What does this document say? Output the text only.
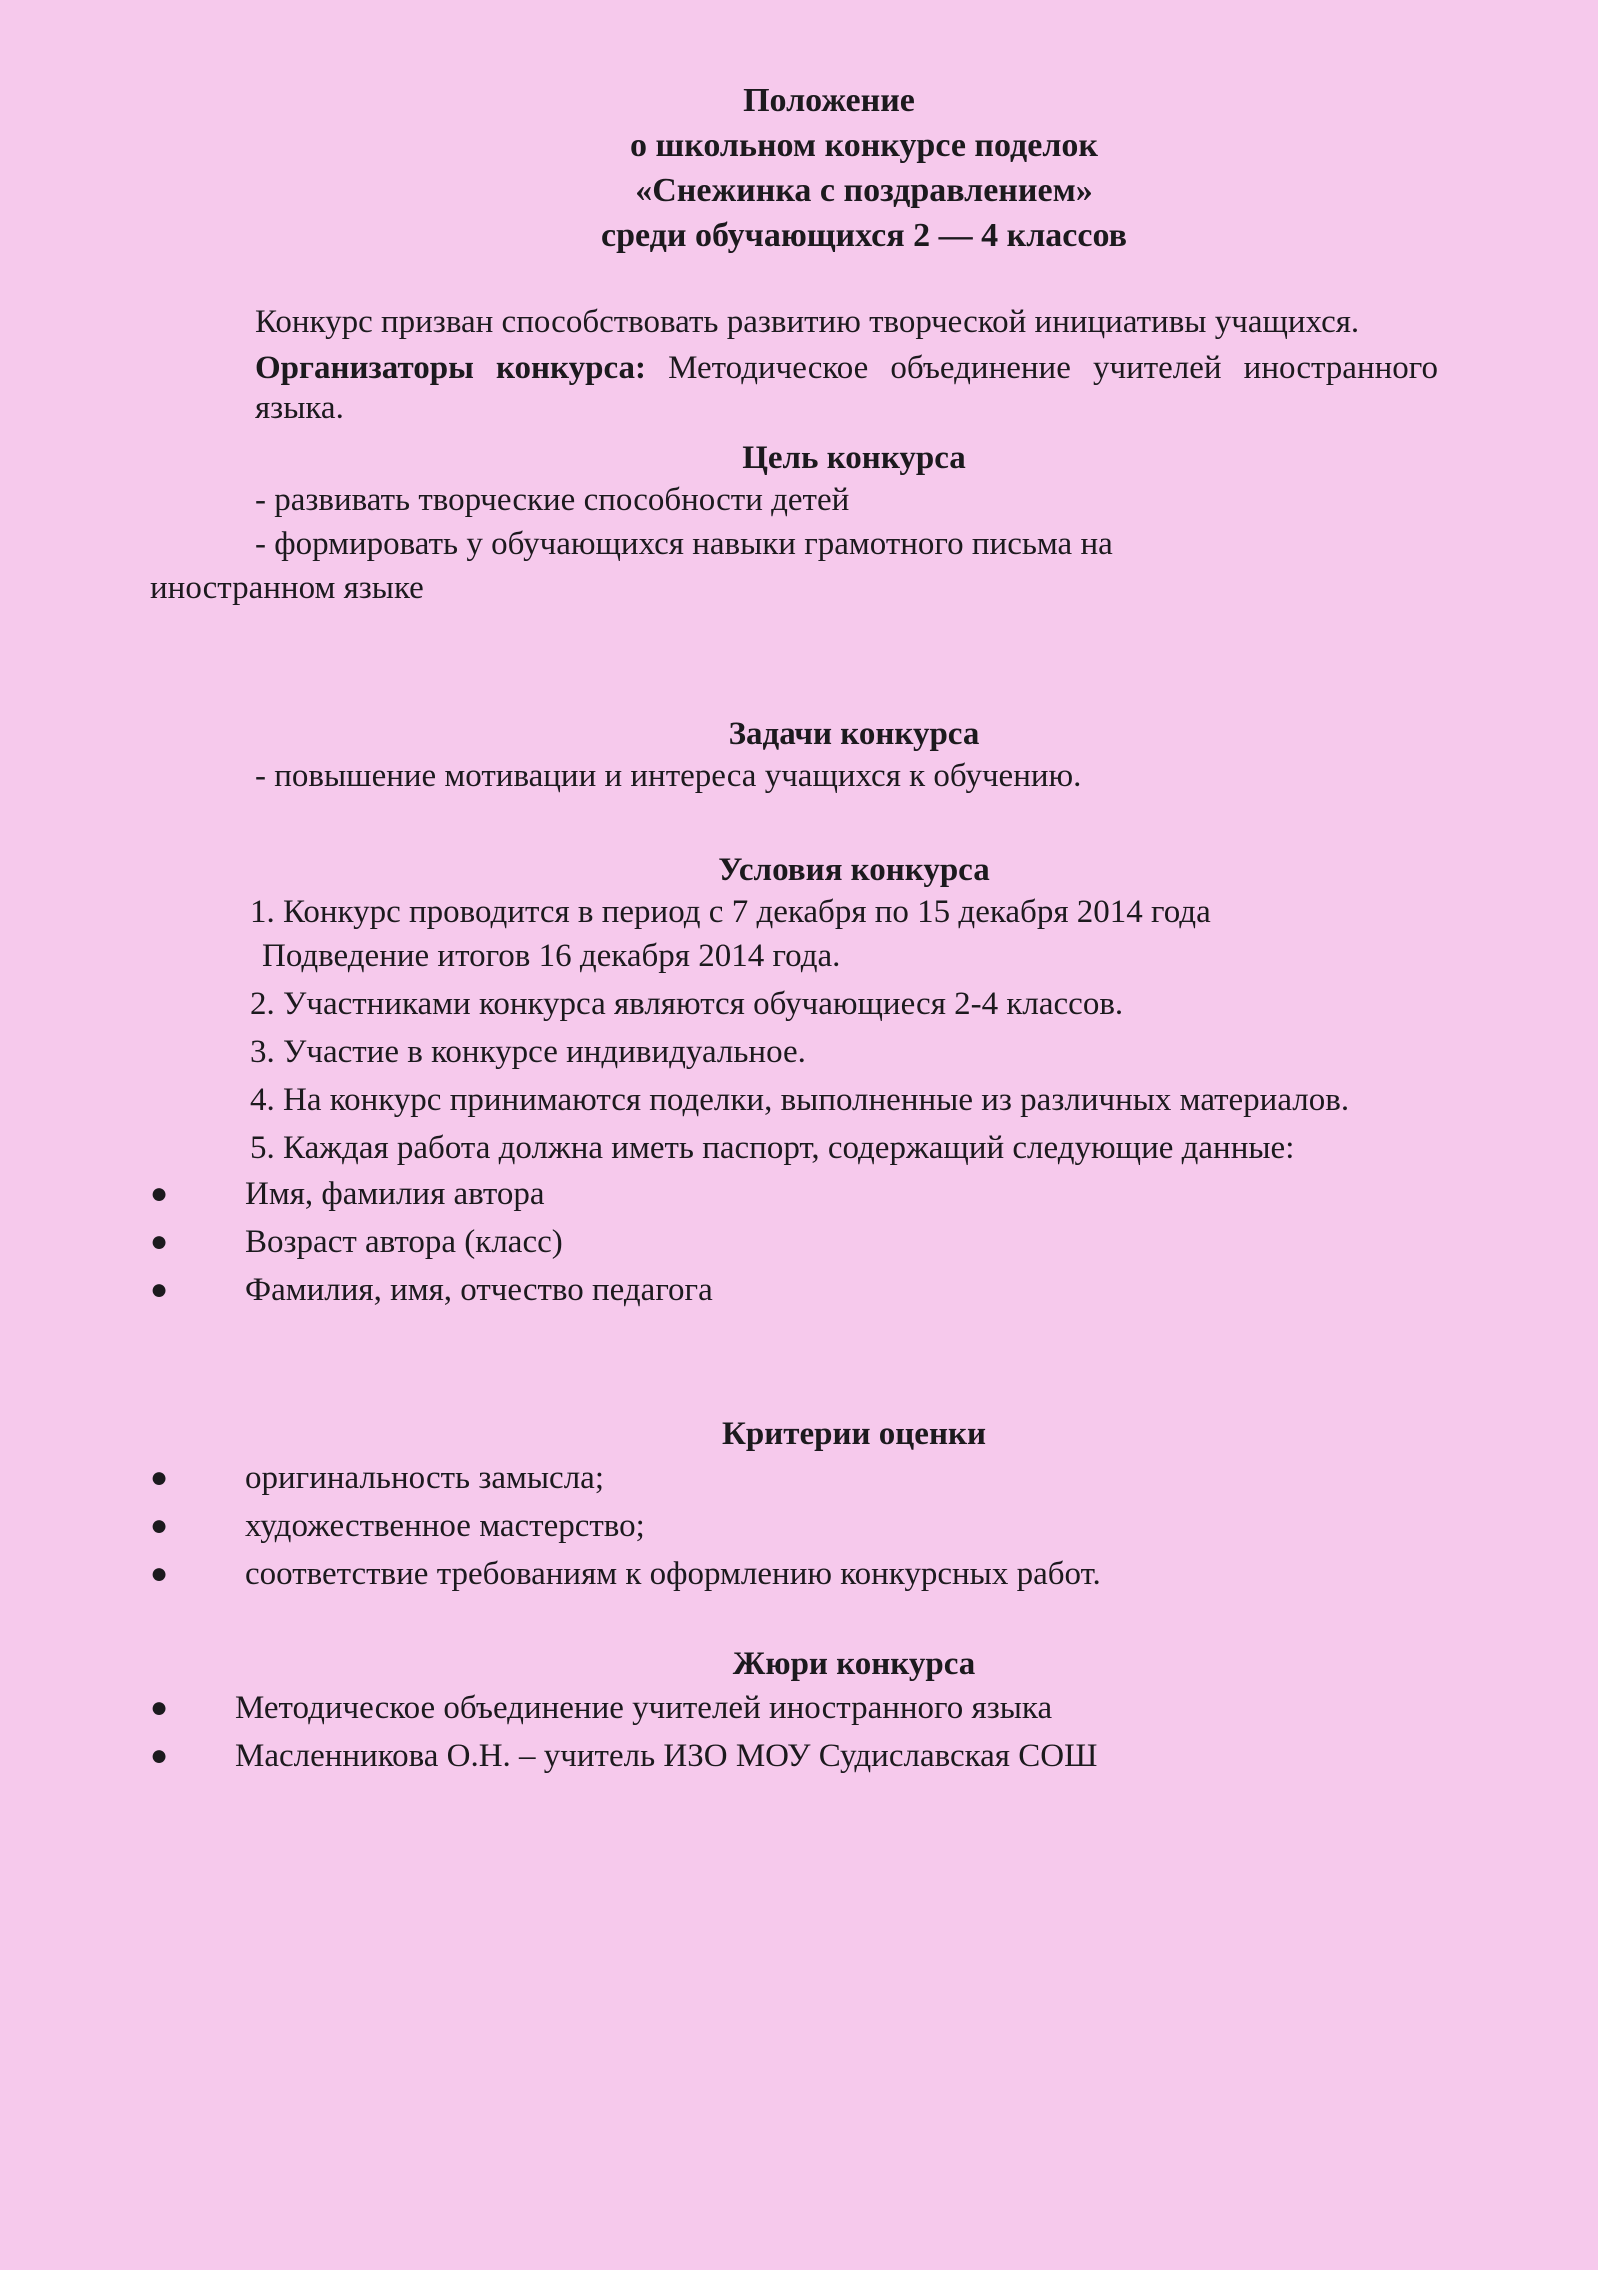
Положение
о школьном конкурсе поделок
«Снежинка с поздравлением»
среди обучающихся 2 — 4 классов

Конкурс призван способствовать развитию творческой инициативы учащихся.

Организаторы конкурса: Методическое объединение учителей иностранного языка.

Цель конкурса

- развивать творческие способности детей

- формировать у обучающихся навыки грамотного письма на

иностранном языке

Задачи конкурса

- повышение мотивации и интереса учащихся к обучению.

Условия конкурса

1. Конкурс проводится в период с 7 декабря по 15 декабря 2014 года

Подведение итогов 16 декабря 2014 года.

2. Участниками конкурса являются обучающиеся 2-4 классов.

3. Участие в конкурсе индивидуальное.

4. На конкурс принимаются поделки, выполненные из различных материалов.

5. Каждая работа должна иметь паспорт, содержащий следующие данные:

● Имя, фамилия автора
● Возраст автора (класс)
● Фамилия, имя, отчество педагога
Критерии оценки
● оригинальность замысла;
● художественное мастерство;
● соответствие требованиям к оформлению конкурсных работ.
Жюри конкурса
● Методическое объединение учителей иностранного языка
● Масленникова О.Н. – учитель ИЗО МОУ Судиславская СОШ
